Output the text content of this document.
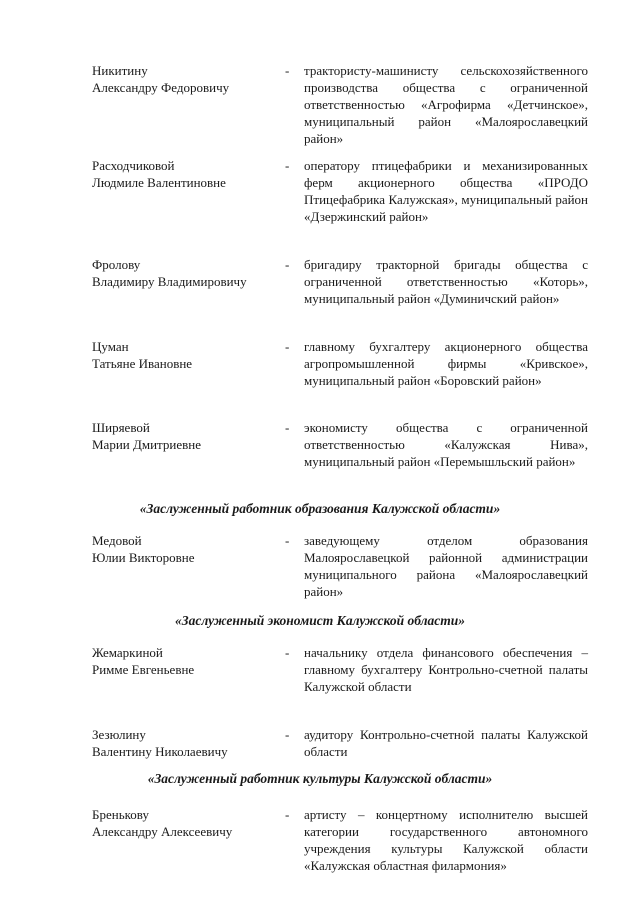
Никитину
Александру Федоровичу
-	трактористу-машинисту сельскохозяйственного производства общества с ограниченной ответственностью «Агрофирма «Детчинское», муниципальный район «Малоярославецкий район»
Расходчиковой
Людмиле Валентиновне
-	оператору птицефабрики и механизированных ферм акционерного общества «ПРОДО Птицефабрика Калужская», муниципальный район «Дзержинский район»
Фролову
Владимиру Владимировичу
-	бригадиру тракторной бригады общества с ограниченной ответственностью «Которь», муниципальный район «Думиничский район»
Цуман
Татьяне Ивановне
-	главному бухгалтеру акционерного общества агропромышленной фирмы «Кривское», муниципальный район «Боровский район»
Ширяевой
Марии Дмитриевне
-	экономисту общества с ограниченной ответственностью «Калужская Нива», муниципальный район «Перемышльский район»
«Заслуженный работник образования Калужской области»
Медовой
Юлии Викторовне
-	заведующему отделом образования Малоярославецкой районной администрации муниципального района «Малоярославецкий район»
«Заслуженный экономист Калужской области»
Жемаркиной
Римме Евгеньевне
-	начальнику отдела финансового обеспечения – главному бухгалтеру Контрольно-счетной палаты Калужской области
Зезюлину
Валентину Николаевичу
-	аудитору Контрольно-счетной палаты Калужской области
«Заслуженный работник культуры Калужской области»
Бренькову
Александру Алексеевичу
-	артисту – концертному исполнителю высшей категории государственного автономного учреждения культуры Калужской области «Калужская областная филармония»
